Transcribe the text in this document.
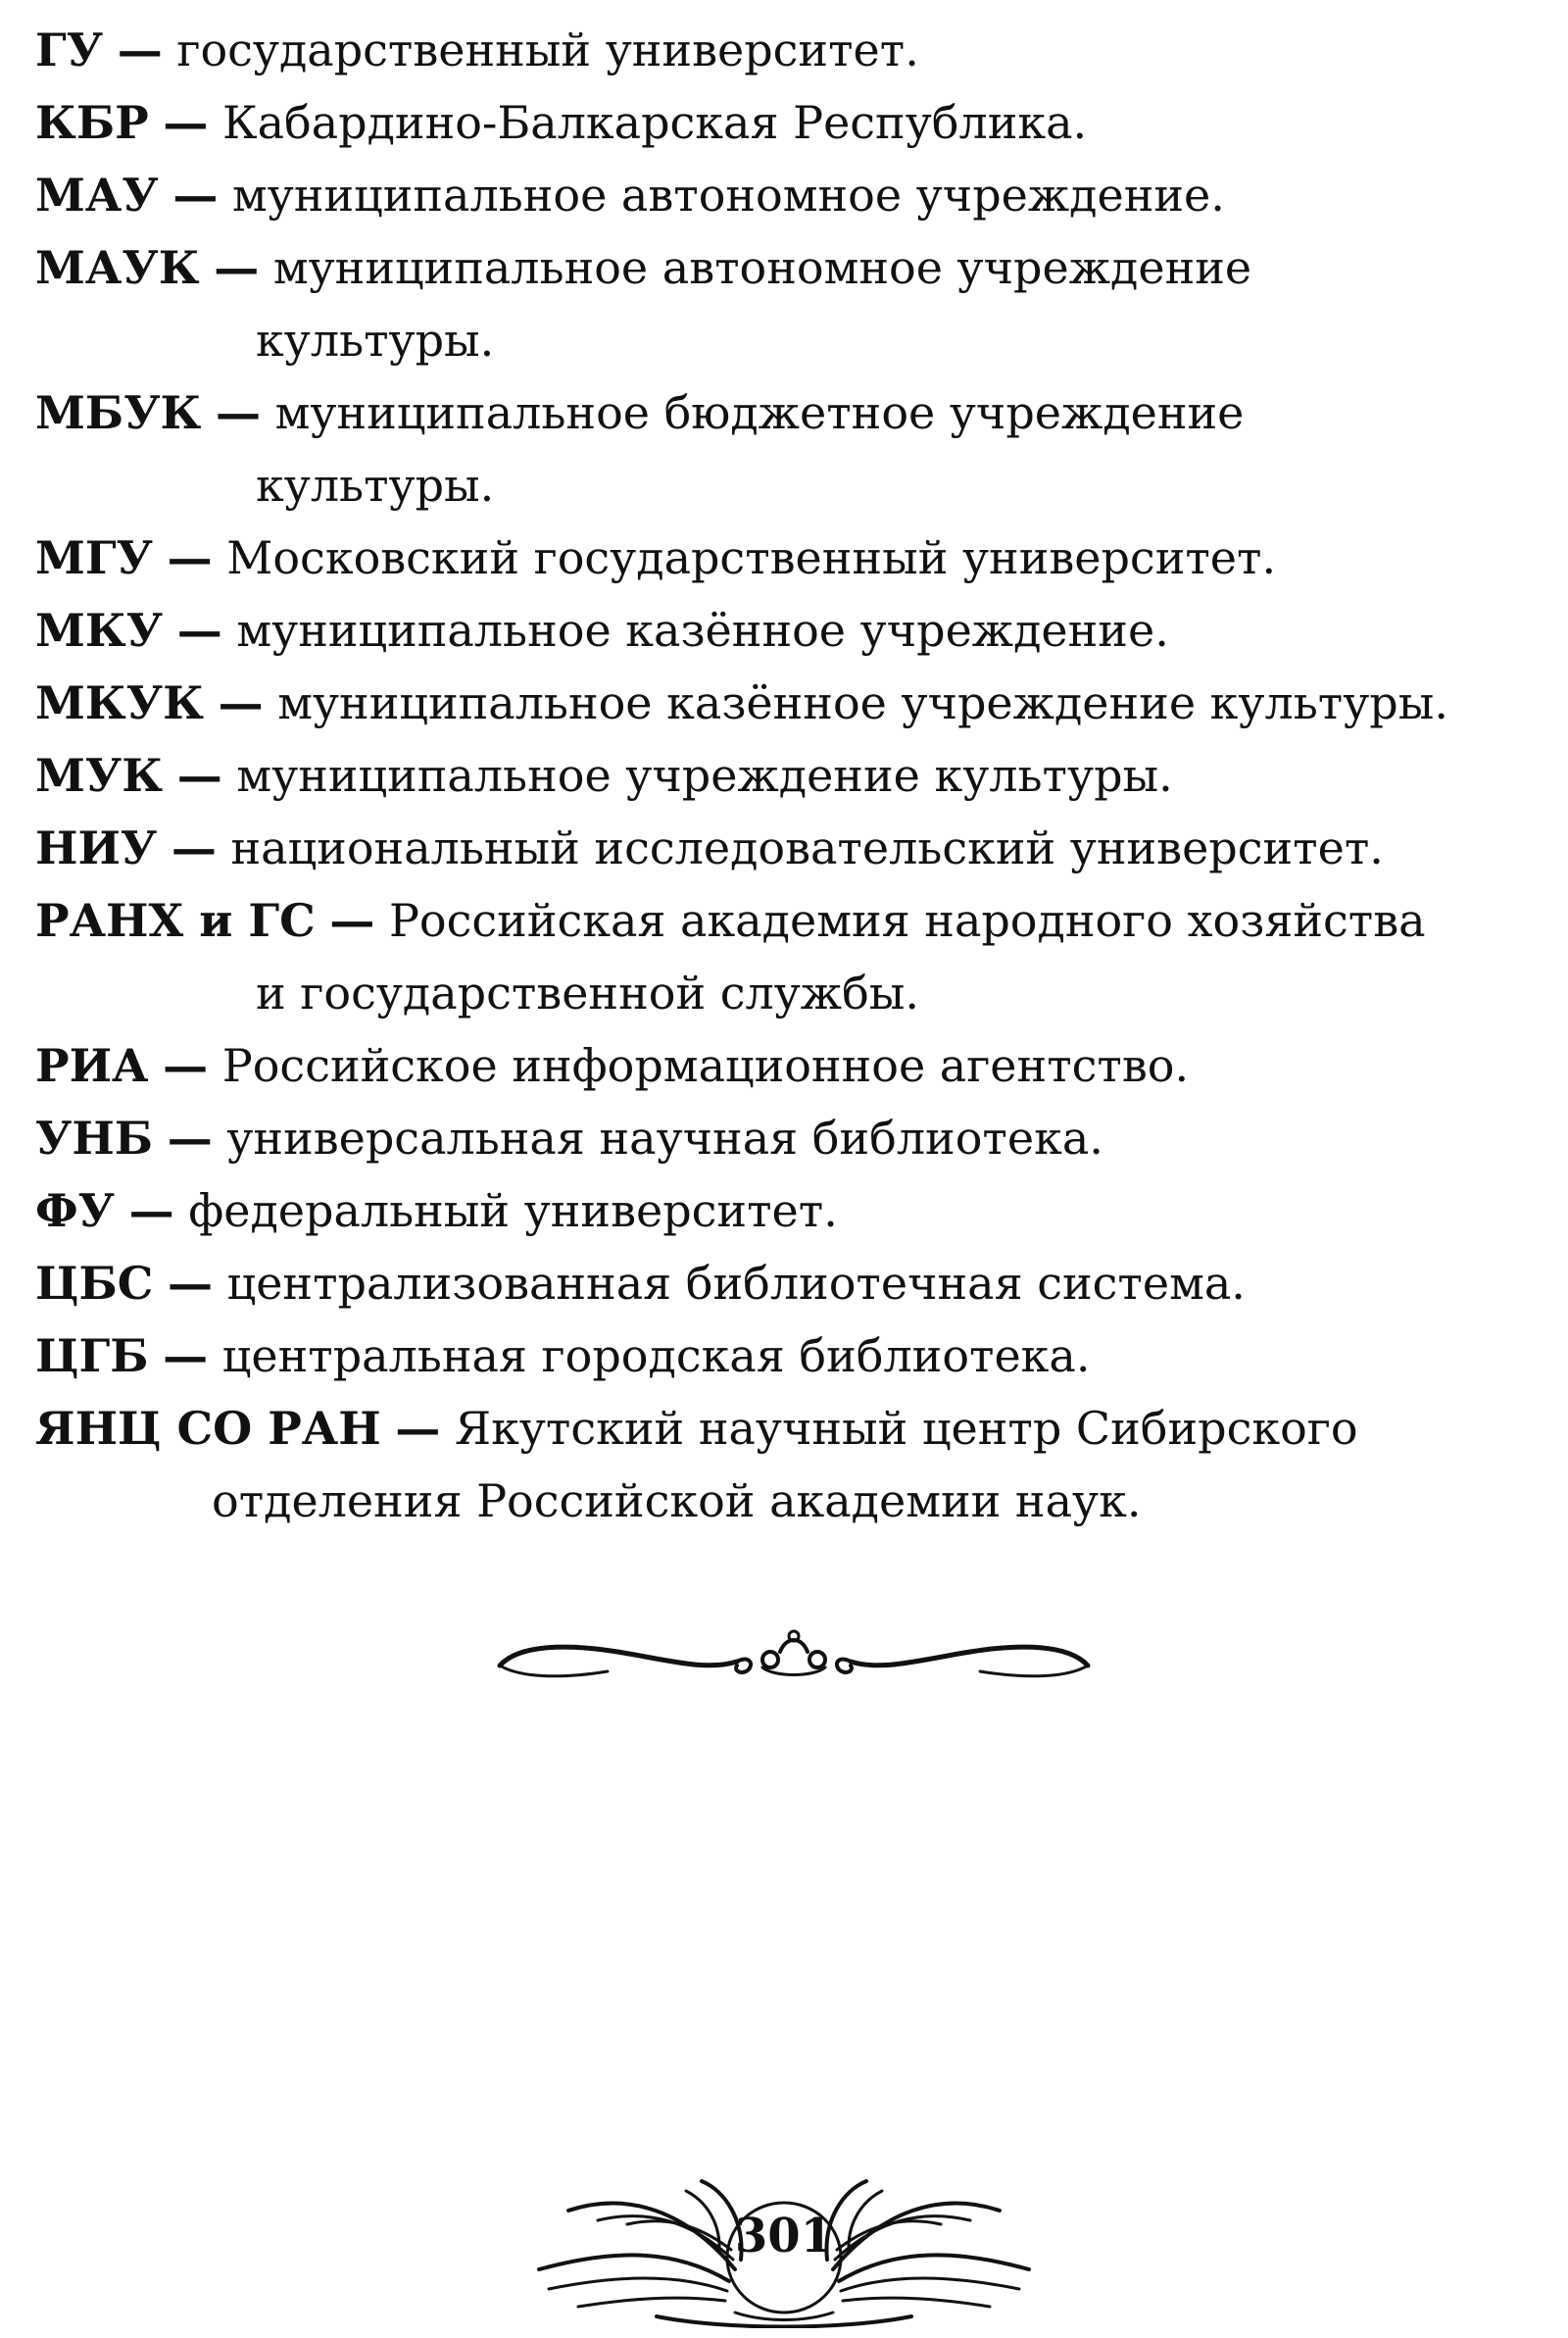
ГУ — государственный университет.
КБР — Кабардино-Балкарская Республика.
МАУ — муниципальное автономное учреждение.
МАУК — муниципальное автономное учреждение
культуры.
МБУК — муниципальное бюджетное учреждение
культуры.
МГУ — Московский государственный университет.
МКУ — муниципальное казённое учреждение.
МКУК — муниципальное казённое учреждение культуры.
МУК — муниципальное учреждение культуры.
НИУ — национальный исследовательский университет.
РАНХ и ГС — Российская академия народного хозяйства
и государственной службы.
РИА — Российское информационное агентство.
УНБ — универсальная научная библиотека.
ФУ — федеральный университет.
ЦБС — централизованная библиотечная система.
ЦГБ — центральная городская библиотека.
ЯНЦ СО РАН — Якутский научный центр Сибирского
отделения Российской академии наук.
301
